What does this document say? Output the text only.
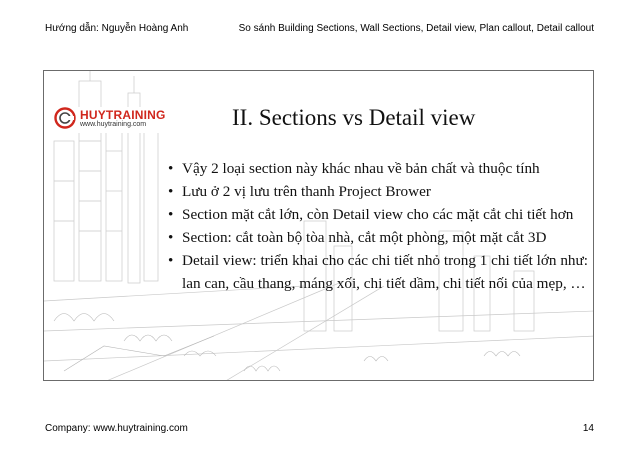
Hướng dẫn: Nguyễn Hoàng Anh	So sánh Building Sections, Wall Sections, Detail view, Plan callout, Detail callout
HUYTRAINING
www.huytraining.com	II. Sections vs Detail view
• Vậy 2 loại section này khác nhau về bản chất và thuộc tính
• Lưu ở 2 vị lưu trên thanh Project Brower
• Section mặt cắt lớn, còn Detail view cho các mặt cắt chi tiết hơn
• Section: cắt toàn bộ tòa nhà, cắt một phòng, một mặt cắt 3D
• Detail view: triển khai cho các chi tiết nhỏ trong 1 chi tiết lớn như: lan can, cầu thang, máng xối, chi tiết dầm, chi tiết nối của mẹp, …
Company: www.huytraining.com	14
